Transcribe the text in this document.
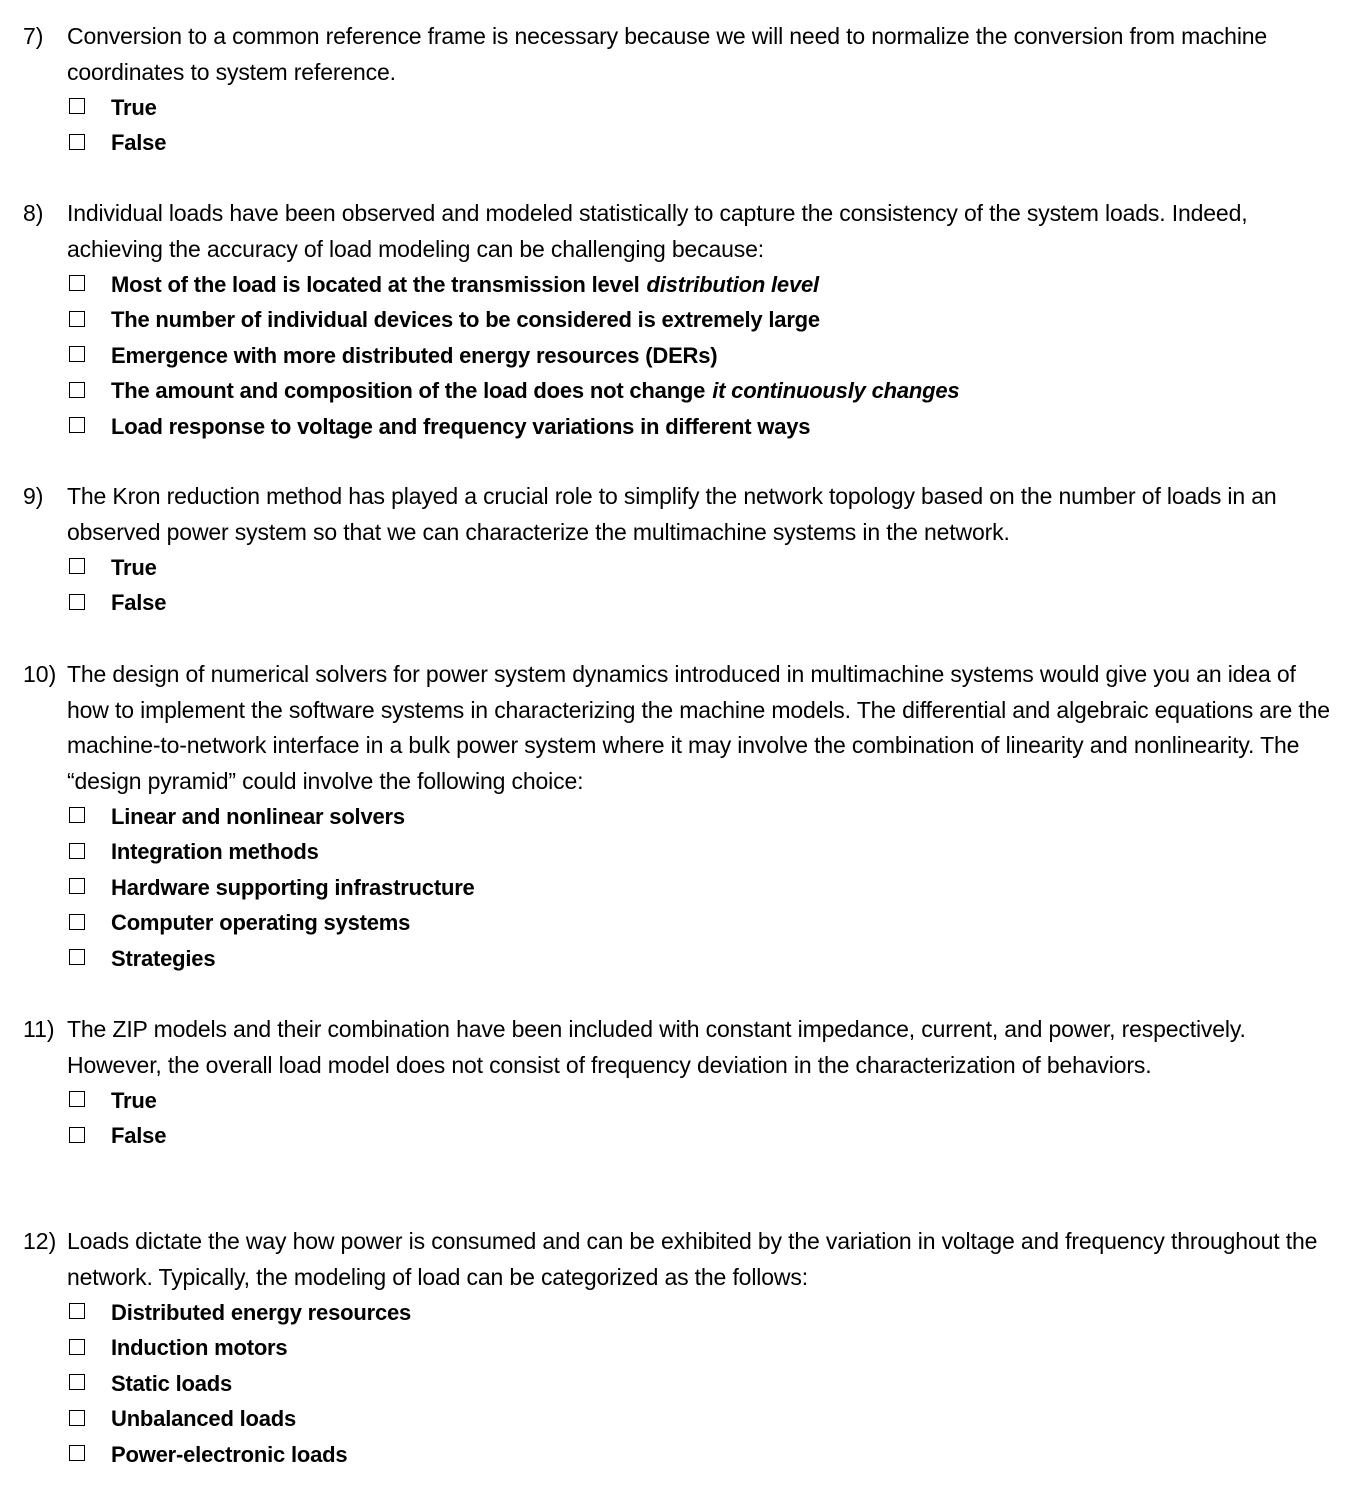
7)	Conversion to a common reference frame is necessary because we will need to normalize the conversion from machine coordinates to system reference.
True
False
8)	Individual loads have been observed and modeled statistically to capture the consistency of the system loads. Indeed, achieving the accuracy of load modeling can be challenging because:
Most of the load is located at the transmission level distribution level
The number of individual devices to be considered is extremely large
Emergence with more distributed energy resources (DERs)
The amount and composition of the load does not change it continuously changes
Load response to voltage and frequency variations in different ways
9)	The Kron reduction method has played a crucial role to simplify the network topology based on the number of loads in an observed power system so that we can characterize the multimachine systems in the network.
True
False
10) The design of numerical solvers for power system dynamics introduced in multimachine systems would give you an idea of how to implement the software systems in characterizing the machine models. The differential and algebraic equations are the machine-to-network interface in a bulk power system where it may involve the combination of linearity and nonlinearity. The “design pyramid” could involve the following choice:
Linear and nonlinear solvers
Integration methods
Hardware supporting infrastructure
Computer operating systems
Strategies
11) The ZIP models and their combination have been included with constant impedance, current, and power, respectively. However, the overall load model does not consist of frequency deviation in the characterization of behaviors.
True
False
12) Loads dictate the way how power is consumed and can be exhibited by the variation in voltage and frequency throughout the network. Typically, the modeling of load can be categorized as the follows:
Distributed energy resources
Induction motors
Static loads
Unbalanced loads
Power-electronic loads
